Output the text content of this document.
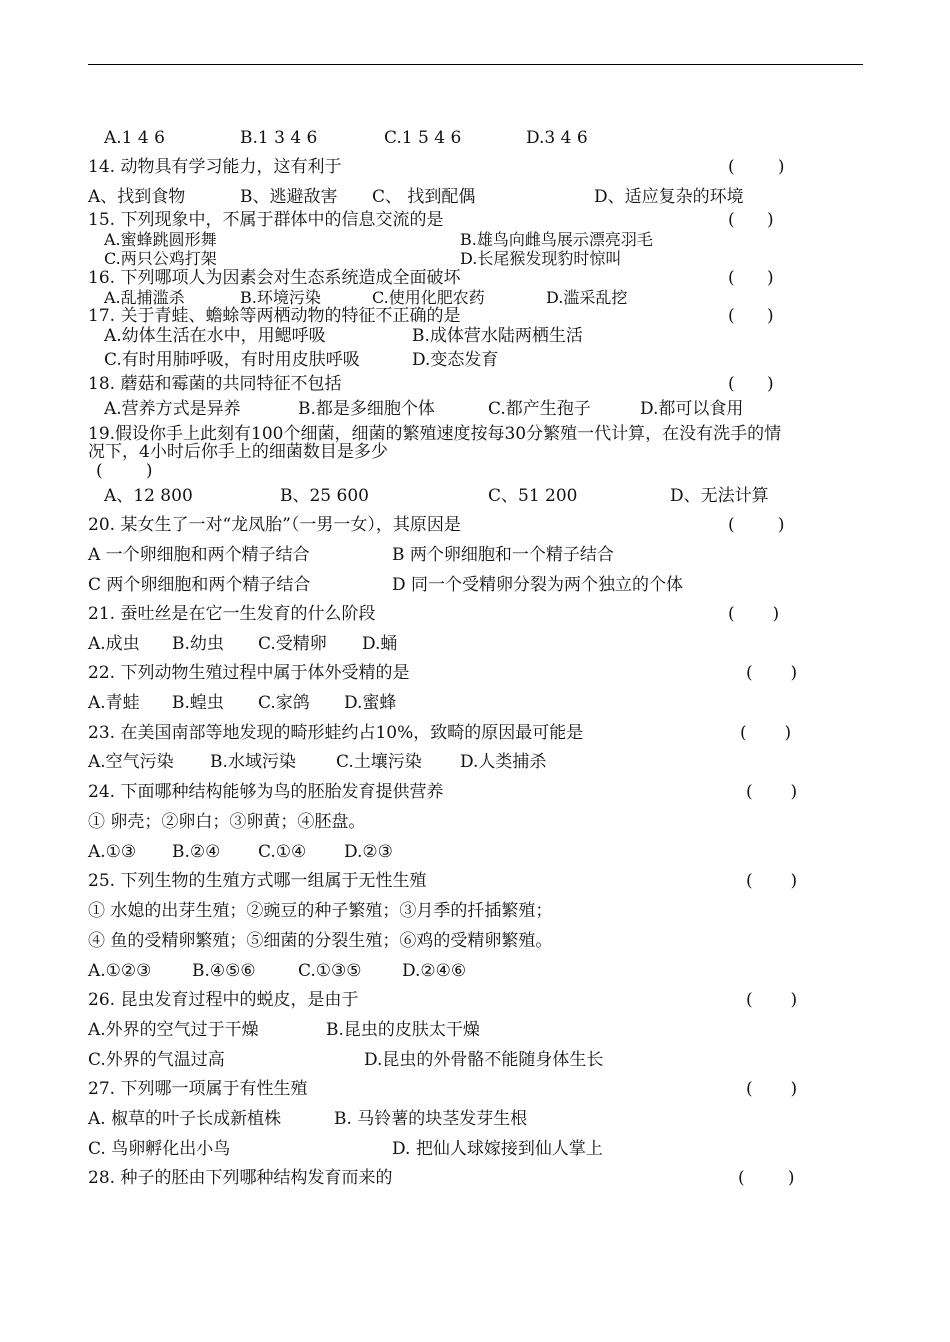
A.1 4 6	B.1 3 4 6	C.1 5 4 6	D.3 4 6
14. 动物具有学习能力，这有利于	(        )
A、找到食物	B、逃避敌害 C、 找到配偶	D、适应复杂的环境
15. 下列现象中，不属于群体中的信息交流的是	(      )
A.蜜蜂跳圆形舞	B.雄鸟向雌鸟展示漂亮羽毛
C.两只公鸡打架	D.长尾猴发现豹时惊叫
16. 下列哪项人为因素会对生态系统造成全面破坏	(      )
A.乱捕滥杀	B.环境污染	C.使用化肥农药	D.滥采乱挖
17. 关于青蛙、蟾蜍等两栖动物的特征不正确的是	(      )
A.幼体生活在水中，用鳃呼吸	B.成体营水陆两栖生活
C.有时用肺呼吸，有时用皮肤呼吸	D.变态发育
18. 蘑菇和霉菌的共同特征不包括	(      )
A.营养方式是异养	B.都是多细胞个体	C.都产生孢子	D.都可以食用
19.假设你手上此刻有100个细菌，细菌的繁殖速度按每30分繁殖一代计算，在没有洗手的情
况下，4小时后你手上的细菌数目是多少
(        )
A、12 800	B、25 600	C、51 200	D、无法计算
20. 某女生了一对“龙凤胎”（一男一女），其原因是	(        )
A 一个卵细胞和两个精子结合	B 两个卵细胞和一个精子结合
C 两个卵细胞和两个精子结合	D 同一个受精卵分裂为两个独立的个体
21. 蚕吐丝是在它一生发育的什么阶段	(       )
A.成虫 B.幼虫 C.受精卵 D.蛹
22. 下列动物生殖过程中属于体外受精的是	(       )
A.青蛙 B.蝗虫 C.家鸽 D.蜜蜂
23. 在美国南部等地发现的畸形蛙约占10%，致畸的原因最可能是	(       )
A.空气污染 B.水域污染 C.土壤污染 D.人类捕杀
24. 下面哪种结构能够为鸟的胚胎发育提供营养	(       )
① 卵壳；②卵白；③卵黄；④胚盘。
A.①③ B.②④ C.①④ D.②③
25. 下列生物的生殖方式哪一组属于无性生殖	(       )
① 水媳的出芽生殖；②豌豆的种子繁殖；③月季的扦插繁殖；
④ 鱼的受精卵繁殖；⑤细菌的分裂生殖；⑥鸡的受精卵繁殖。
A.①②③ B.④⑤⑥ C.①③⑤ D.②④⑥
26. 昆虫发育过程中的蜕皮，是由于	(       )
A.外界的空气过于干燥	B.昆虫的皮肤太干燥
C.外界的气温过高	D.昆虫的外骨骼不能随身体生长
27. 下列哪一项属于有性生殖	(       )
A. 椒草的叶子长成新植株	B. 马铃薯的块茎发芽生根
C. 鸟卵孵化出小鸟	D. 把仙人球嫁接到仙人掌上
28. 种子的胚由下列哪种结构发育而来的	(        )
